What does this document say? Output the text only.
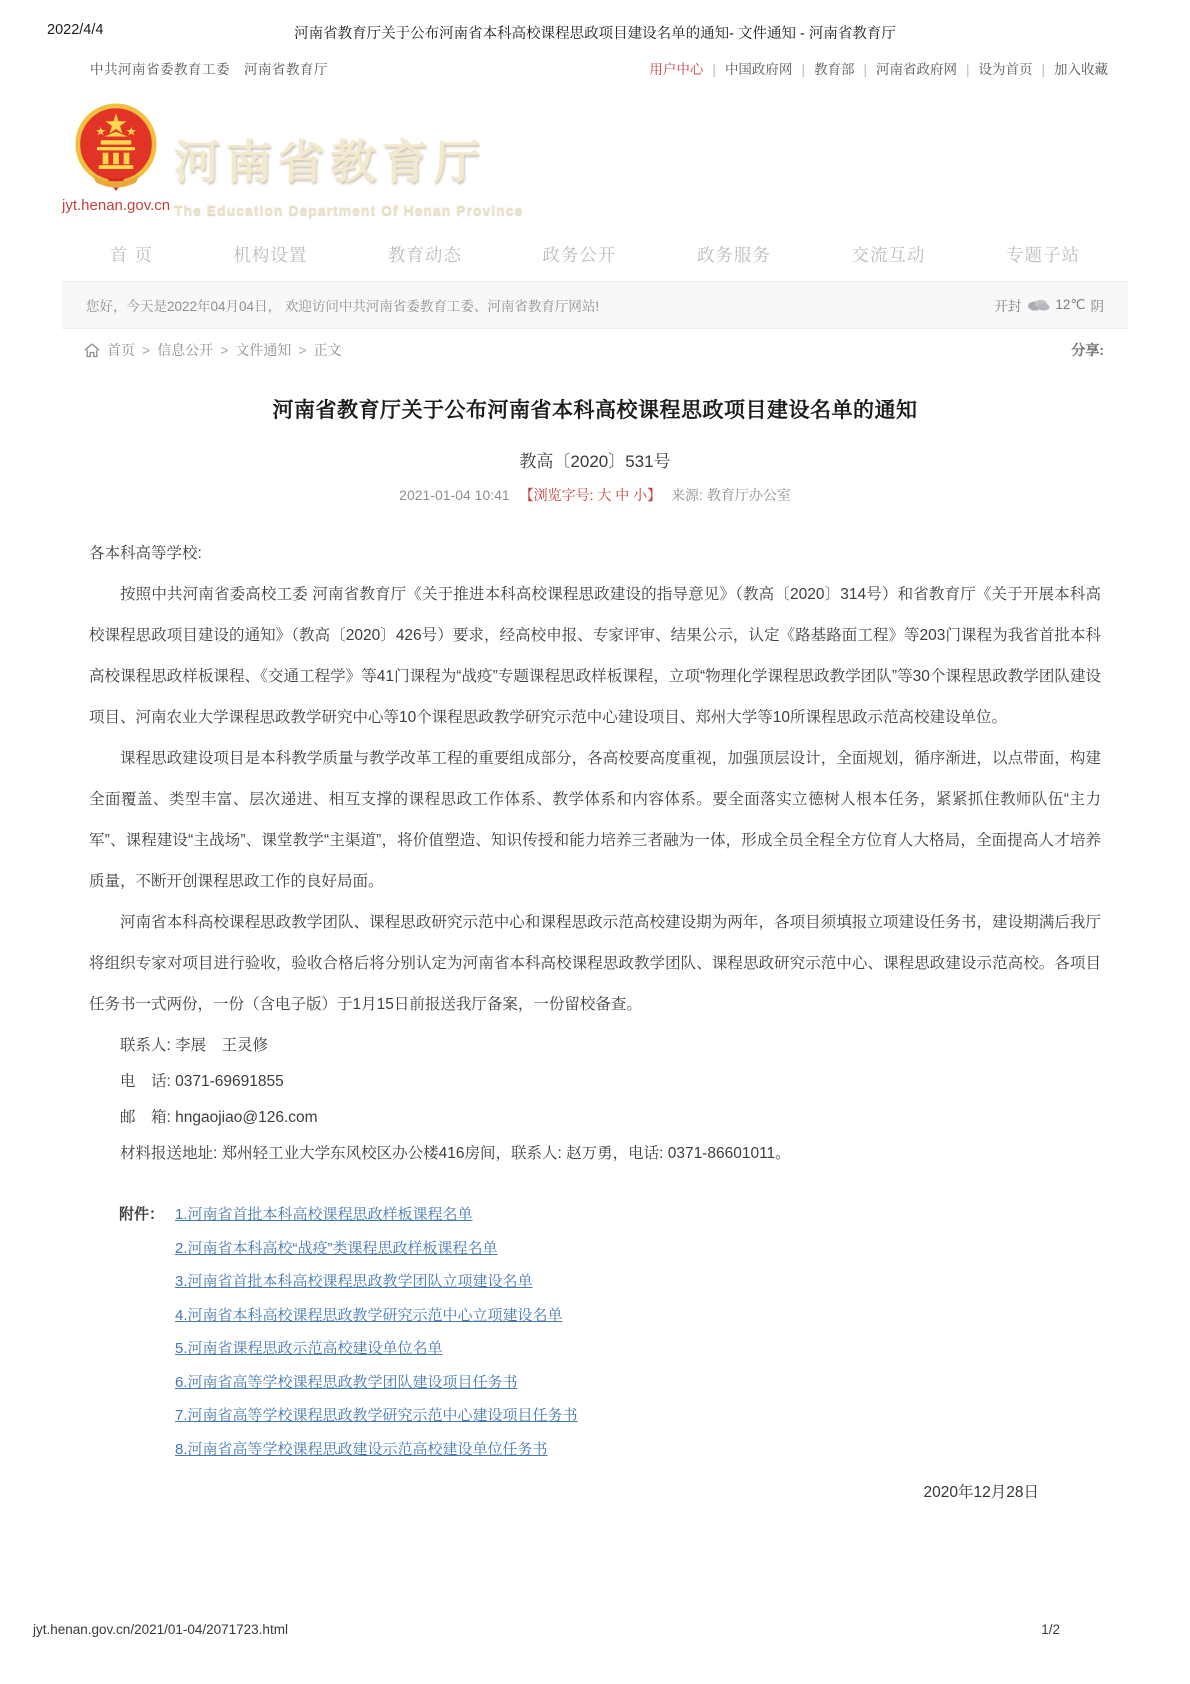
河南省教育厅关于公布河南省本科高校课程思政项目建设名单的通知- 文件通知 - 河南省教育厅
2022/4/4
中共河南省委教育工委　河南省教育厅	用户中心	| 中国政府网	| 教育部	| 河南省政府网	| 设为首页	| 加入收藏
jyt.henan.gov.cn
河南省教育厅
The Education Department Of Henan Province
首 页	机构设置	教育动态	政务公开	政务服务	交流互动	专题子站
您好，今天是2022年04月04日， 欢迎访问中共河南省委教育工委、河南省教育厅网站!	开封	12℃ 阴
首页	> 信息公开	> 文件通知	> 正文	分享:
河南省教育厅关于公布河南省本科高校课程思政项目建设名单的通知
教高〔2020〕531号
2021-01-04 10:41 【浏览字号: 大 中 小】 来源: 教育厅办公室
各本科高等学校:

按照中共河南省委高校工委 河南省教育厅《关于推进本科高校课程思政建设的指导意见》（教高〔2020〕314号）和省教育厅《关于开展本科高校课程思政项目建设的通知》（教高〔2020〕426号）要求，经高校申报、专家评审、结果公示，认定《路基路面工程》等203门课程为我省首批本科高校课程思政样板课程、《交通工程学》等41门课程为“战疫”专题课程思政样板课程，立项“物理化学课程思政教学团队”等30个课程思政教学团队建设项目、河南农业大学课程思政教学研究中心等10个课程思政教学研究示范中心建设项目、郑州大学等10所课程思政示范高校建设单位。

课程思政建设项目是本科教学质量与教学改革工程的重要组成部分，各高校要高度重视，加强顶层设计，全面规划，循序渐进，以点带面，构建全面覆盖、类型丰富、层次递进、相互支撑的课程思政工作体系、教学体系和内容体系。要全面落实立德树人根本任务，紧紧抓住教师队伍“主力军”、课程建设“主战场”、课堂教学“主渠道”，将价值塑造、知识传授和能力培养三者融为一体，形成全员全程全方位育人大格局，全面提高人才培养质量，不断开创课程思政工作的良好局面。

河南省本科高校课程思政教学团队、课程思政研究示范中心和课程思政示范高校建设期为两年，各项目须填报立项建设任务书，建设期满后我厅将组织专家对项目进行验收，验收合格后将分别认定为河南省本科高校课程思政教学团队、课程思政研究示范中心、课程思政建设示范高校。各项目任务书一式两份，一份（含电子版）于1月15日前报送我厅备案，一份留校备查。

联系人: 李展　王灵修
电　话: 0371-69691855
邮　箱: hngaojiao@126.com
材料报送地址: 郑州轻工业大学东风校区办公楼416房间，联系人: 赵万勇，电话: 0371-86601011。
附件： 1.河南省首批本科高校课程思政样板课程名单
2.河南省本科高校“战疫”类课程思政样板课程名单
3.河南省首批本科高校课程思政教学团队立项建设名单
4.河南省本科高校课程思政教学研究示范中心立项建设名单
5.河南省课程思政示范高校建设单位名单
6.河南省高等学校课程思政教学团队建设项目任务书
7.河南省高等学校课程思政教学研究示范中心建设项目任务书
8.河南省高等学校课程思政建设示范高校建设单位任务书
2020年12月28日
jyt.henan.gov.cn/2021/01-04/2071723.html	1/2
